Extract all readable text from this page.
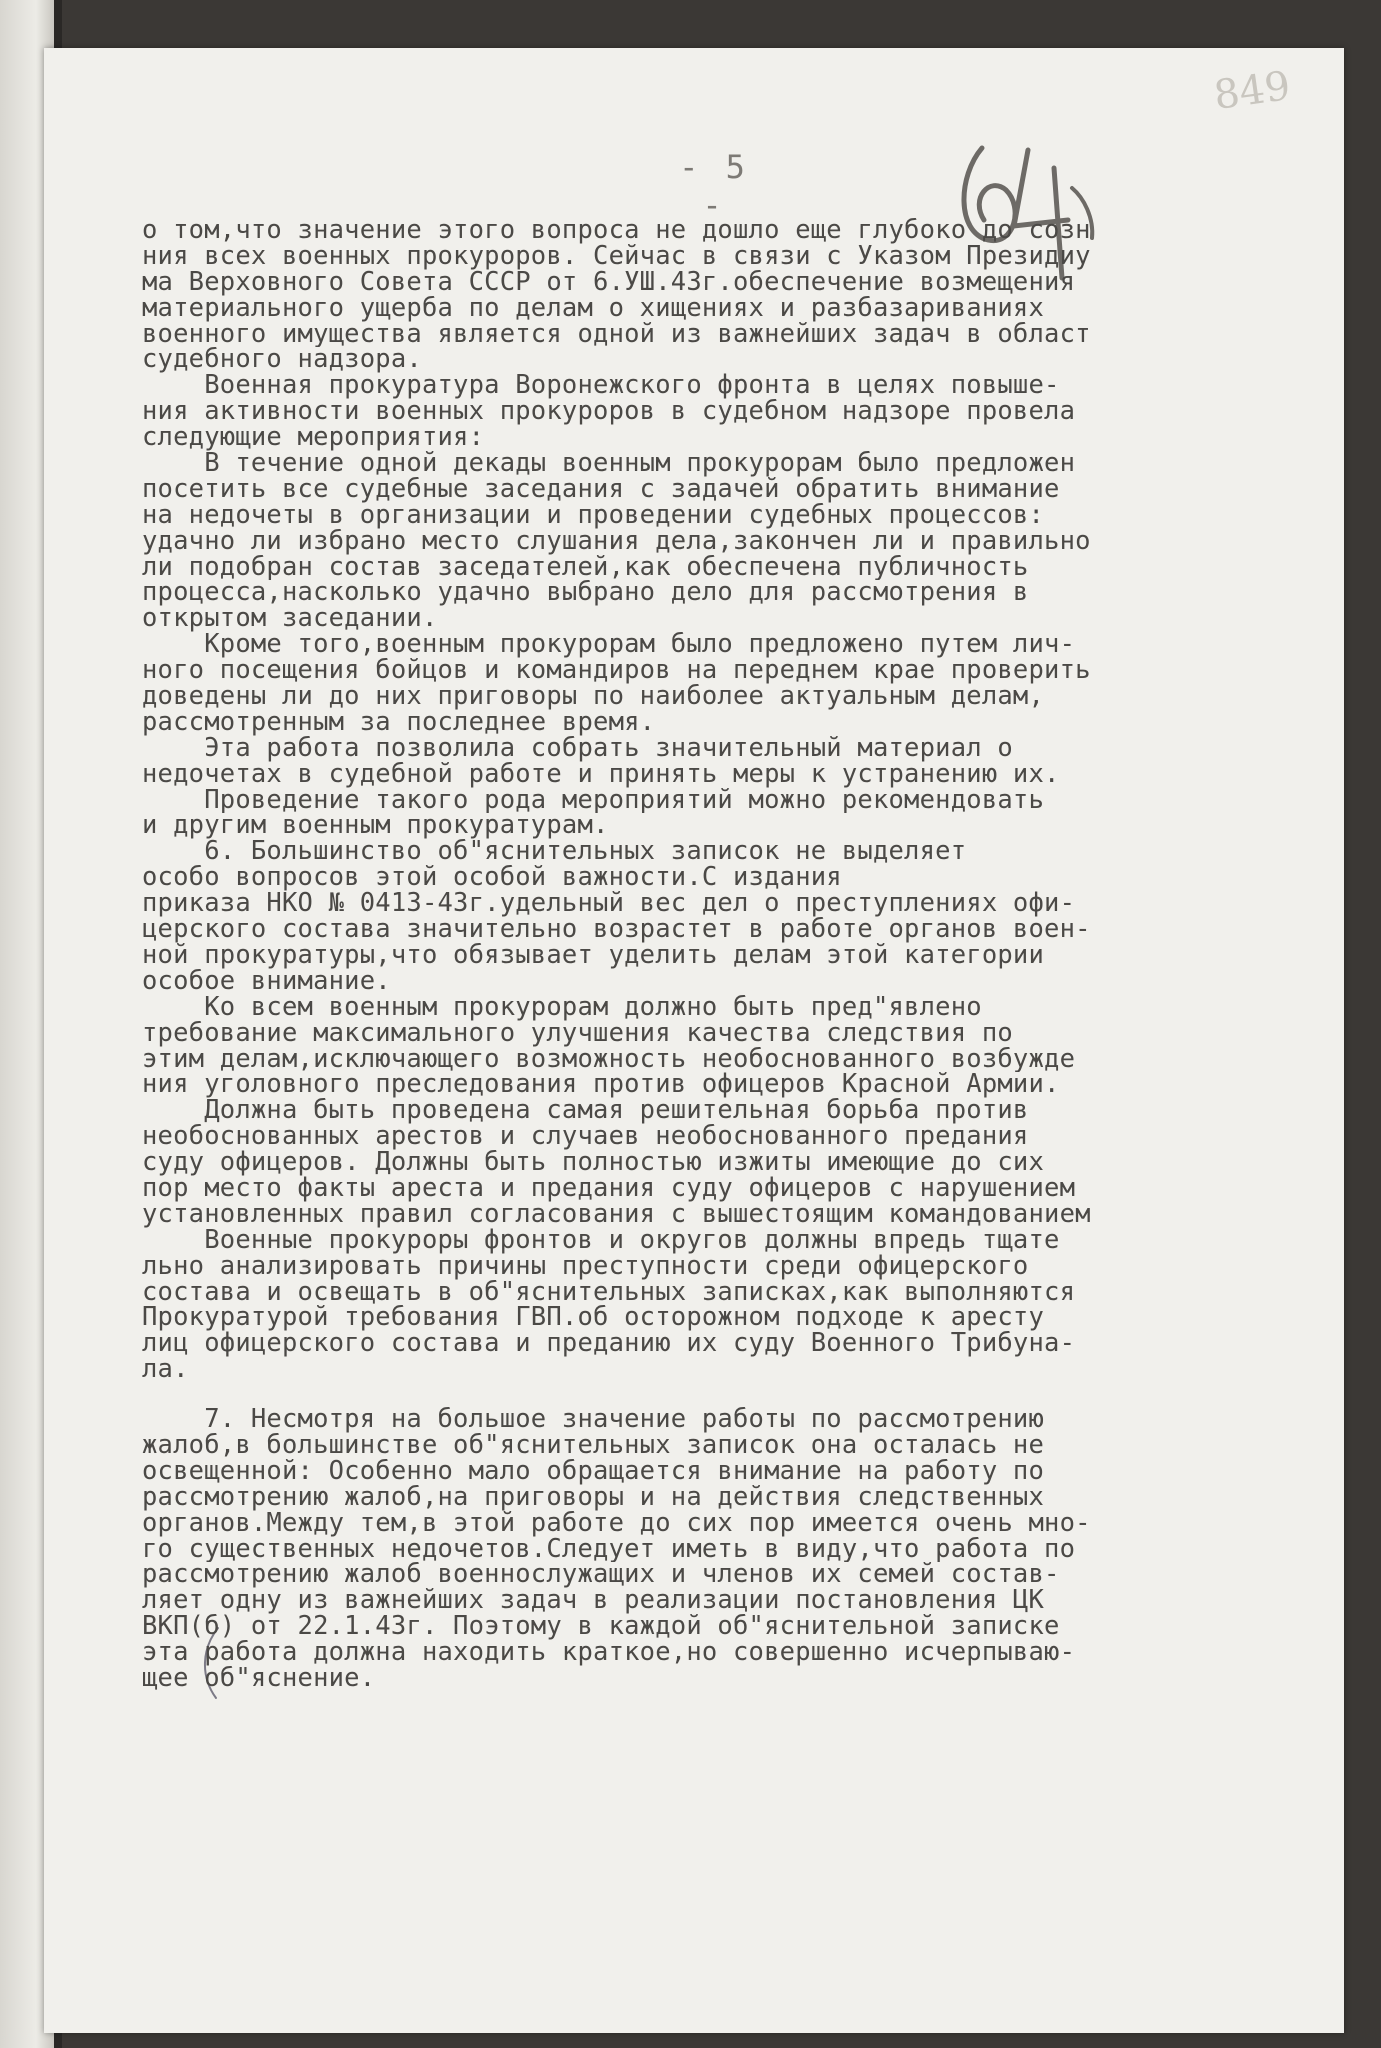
849
- 5 -
о том,что значение этого вопроса не дошло еще глубоко до созн
ния всех военных прокуроров. Сейчас в связи с Указом Президиу
ма Верховного Совета СССР от 6.УШ.43г.обеспечение возмещения
материального ущерба по делам о хищениях и разбазариваниях
военного имущества является одной из важнейших задач в област
судебного надзора.
Военная прокуратура Воронежского фронта в целях повыше-
ния активности военных прокуроров в судебном надзоре провела
следующие мероприятия:
В течение одной декады военным прокурорам было предложен
посетить все судебные заседания с задачей обратить внимание
на недочеты в организации и проведении судебных процессов:
удачно ли избрано место слушания дела,закончен ли и правильно
ли подобран состав заседателей,как обеспечена публичность
процесса,насколько удачно выбрано дело для рассмотрения в
открытом заседании.
Кроме того,военным прокурорам было предложено путем лич-
ного посещения бойцов и командиров на переднем крае проверить
доведены ли до них приговоры по наиболее актуальным делам,
рассмотренным за последнее время.
Эта работа позволила собрать значительный материал о
недочетах в судебной работе и принять меры к устранению их.
Проведение такого рода мероприятий можно рекомендовать
и другим военным прокуратурам.
6. Большинство об"яснительных записок не выделяет
особо вопросов этой особой важности.С издания
приказа НКО № 0413-43г.удельный вес дел о преступлениях офи-
церского состава значительно возрастет в работе органов воен-
ной прокуратуры,что обязывает уделить делам этой категории
особое внимание.
Ко всем военным прокурорам должно быть пред"явлено
требование максимального улучшения качества следствия по
этим делам,исключающего возможность необоснованного возбужде
ния уголовного преследования против офицеров Красной Армии.
Должна быть проведена самая решительная борьба против
необоснованных арестов и случаев необоснованного предания
суду офицеров. Должны быть полностью изжиты имеющие до сих
пор место факты ареста и предания суду офицеров с нарушением
установленных правил согласования с вышестоящим командованием
Военные прокуроры фронтов и округов должны впредь тщате
льно анализировать причины преступности среди офицерского
состава и освещать в об"яснительных записках,как выполняются
Прокуратурой требования ГВП.об осторожном подходе к аресту
лиц офицерского состава и преданию их суду Военного Трибуна-
ла.
7. Несмотря на большое значение работы по рассмотрению
жалоб,в большинстве об"яснительных записок она осталась не
освещенной: Особенно мало обращается внимание на работу по
рассмотрению жалоб,на приговоры и на действия следственных
органов.Между тем,в этой работе до сих пор имеется очень мно-
го существенных недочетов.Следует иметь в виду,что работа по
рассмотрению жалоб военнослужащих и членов их семей состав-
ляет одну из важнейших задач в реализации постановления ЦК
ВКП(б) от 22.1.43г. Поэтому в каждой об"яснительной записке
эта работа должна находить краткое,но совершенно исчерпываю-
щее об"яснение.
